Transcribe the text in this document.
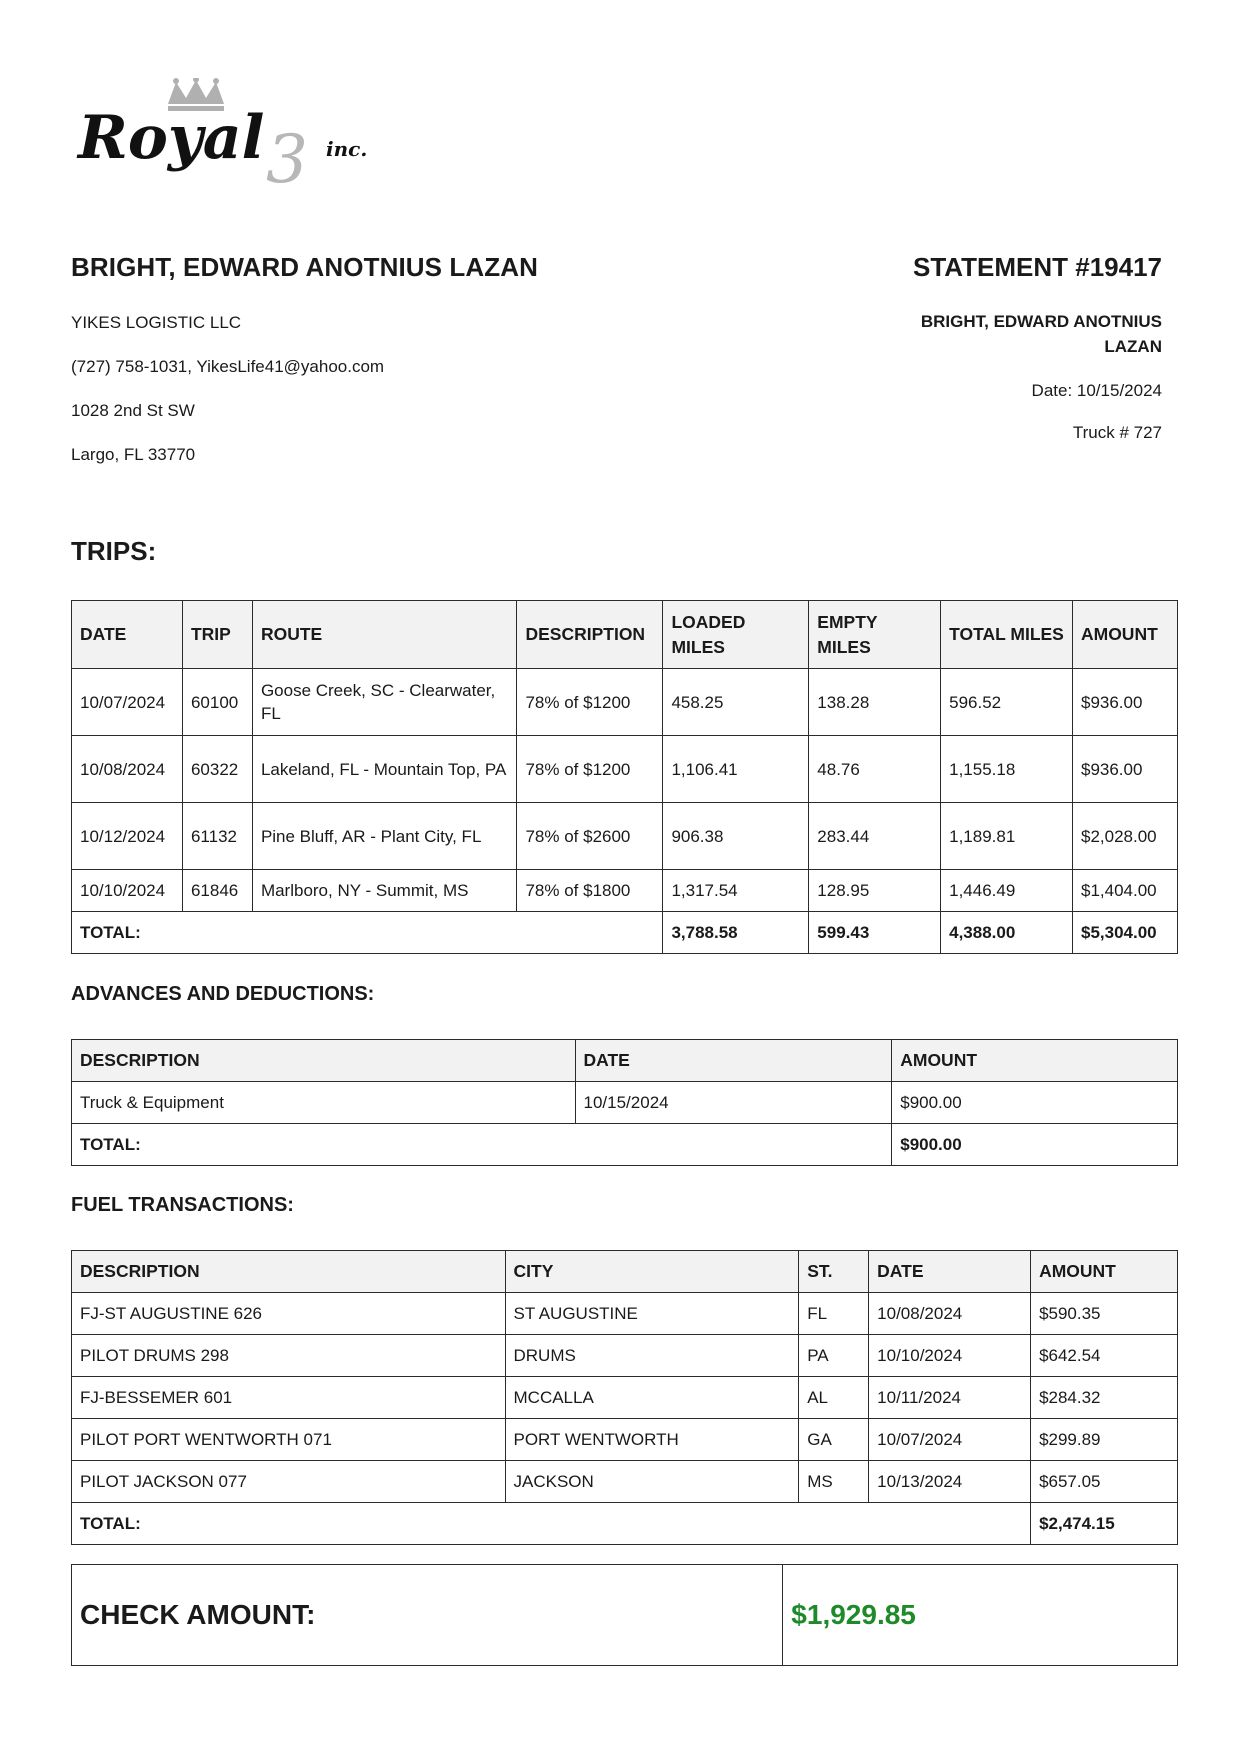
3
Royal	inc.
BRIGHT, EDWARD ANOTNIUS LAZAN
YIKES LOGISTIC LLC
(727) 758-1031, YikesLife41@yahoo.com
1028 2nd St SW
Largo, FL 33770
STATEMENT #19417
BRIGHT, EDWARD ANOTNIUS
LAZAN
Date: 10/15/2024
Truck # 727
TRIPS:
DATE	TRIP	ROUTE	DESCRIPTION	LOADED MILES	EMPTY MILES	TOTAL MILES	AMOUNT
10/07/2024	60100	Goose Creek, SC - Clearwater, FL	78% of $1200	458.25	138.28	596.52	$936.00
10/08/2024	60322	Lakeland, FL - Mountain Top, PA	78% of $1200	1,106.41	48.76	1,155.18	$936.00
10/12/2024	61132	Pine Bluff, AR - Plant City, FL	78% of $2600	906.38	283.44	1,189.81	$2,028.00
10/10/2024	61846	Marlboro, NY - Summit, MS	78% of $1800	1,317.54	128.95	1,446.49	$1,404.00
TOTAL:				3,788.58	599.43	4,388.00	$5,304.00
ADVANCES AND DEDUCTIONS:
DESCRIPTION	DATE	AMOUNT
Truck & Equipment	10/15/2024	$900.00
TOTAL:		$900.00
FUEL TRANSACTIONS:
DESCRIPTION	CITY	ST.	DATE	AMOUNT
FJ-ST AUGUSTINE 626	ST AUGUSTINE	FL	10/08/2024	$590.35
PILOT DRUMS 298	DRUMS	PA	10/10/2024	$642.54
FJ-BESSEMER 601	MCCALLA	AL	10/11/2024	$284.32
PILOT PORT WENTWORTH 071	PORT WENTWORTH	GA	10/07/2024	$299.89
PILOT JACKSON 077	JACKSON	MS	10/13/2024	$657.05
TOTAL:				$2,474.15
CHECK AMOUNT:	$1,929.85
